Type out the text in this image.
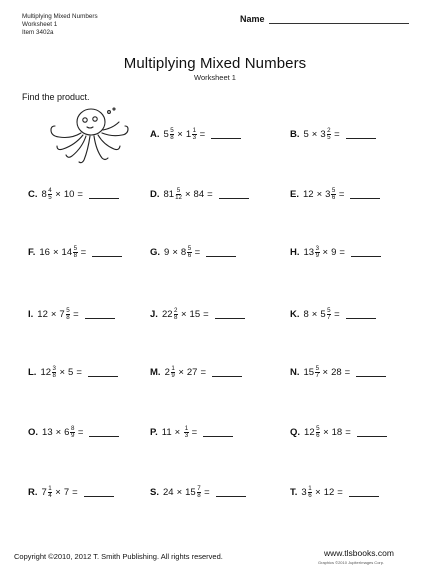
Multiplying Mixed Numbers
Worksheet 1
Item 3402a
Name
Multiplying Mixed Numbers
Worksheet 1
Find the product.
A. $5 \frac{5}{8} \times 1 \frac{1}{3}$ =	B. $5 \times 3 \frac{2}{5}$ =
C. $8 \frac{4}{5} \times 10$ =	D. $81 \frac{5}{12} \times 84$ =	E. $12 \times 3 \frac{5}{6}$ =
F. $16 \times 14 \frac{5}{8}$ =	G. $9 \times 8 \frac{5}{6}$ =	H. $13 \frac{3}{9} \times 9$ =
I. $12 \times 7 \frac{5}{8}$ =	J. $22 \frac{2}{8} \times 15$ =	K. $8 \times 5 \frac{5}{7}$ =
L. $12 \frac{3}{8} \times 5$ =	M. $2 \frac{1}{9} \times 27$ =	N. $15 \frac{5}{7} \times 28$ =
O. $13 \times 6 \frac{8}{9}$ =	P. $11 \times \frac{1}{3}$ =	Q. $12 \frac{5}{6} \times 18$ =
R. $7 \frac{1}{4} \times 7$ =	S. $24 \times 15 \frac{7}{8}$ =	T. $3 \frac{1}{6} \times 12$ =
Copyright ©2010, 2012 T. Smith Publishing. All rights reserved.	www.tlsbooks.com
Graphics ©2010 JupiterImages Corp.
